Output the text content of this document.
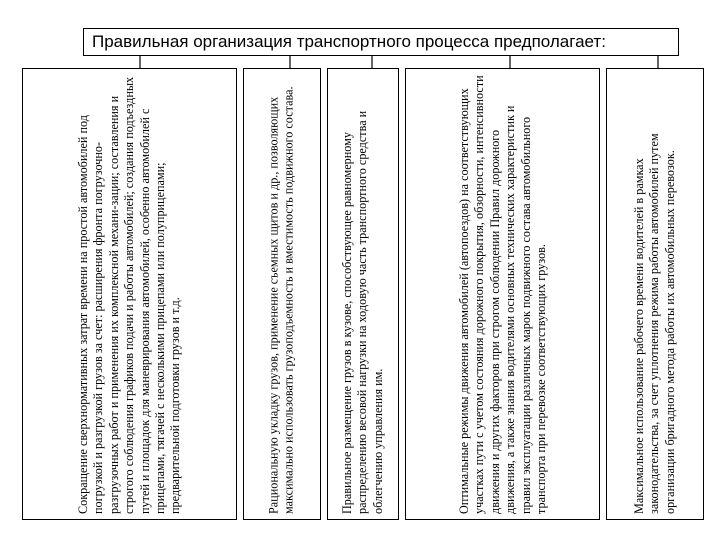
Правильная организация транспортного процесса предполагает:
Сокращение сверхнормативных затрат времени на простой автомобилей под погрузкой и разгрузкой грузов за счет: расширения фронта погрузочно-разгрузочных работ и применения их комплексной механи-зации; составления и строгого соблюдения графиков подачи и работы автомобилей; создания подъездных путей и площадок для маневрирования автомобилей, особенно автомобилей с прицепами, тягачей с несколькими прицепами или полуприцепами; предварительной подготовки грузов и т.д.	Рациональную укладку грузов, применение съемных щитов и др., позволяющих максимально использовать грузоподъемность и вместимость подвижного состава.	Правильное размещение грузов в кузове, способствующее равномерному распределению весовой нагрузки на ходовую часть транспортного средства и облегчению управления им.	Оптимальные режимы движения автомобилей (автопоездов) на соответствующих участках пути с учетом состояния дорожного покрытия, обзорности, интенсивности движения и других факторов при строгом соблюдении Правил дорожного движения, а также знания водителями основных технических характеристик и правил эксплуатации различных марок подвижного состава автомобильного транспорта при перевозке соответствующих грузов.	Максимальное использование рабочего времени водителей в рамках законодательства, за счет уплотнения режима работы автомобилей путем организации бригадного метода работы их автомобильных перевозок.
